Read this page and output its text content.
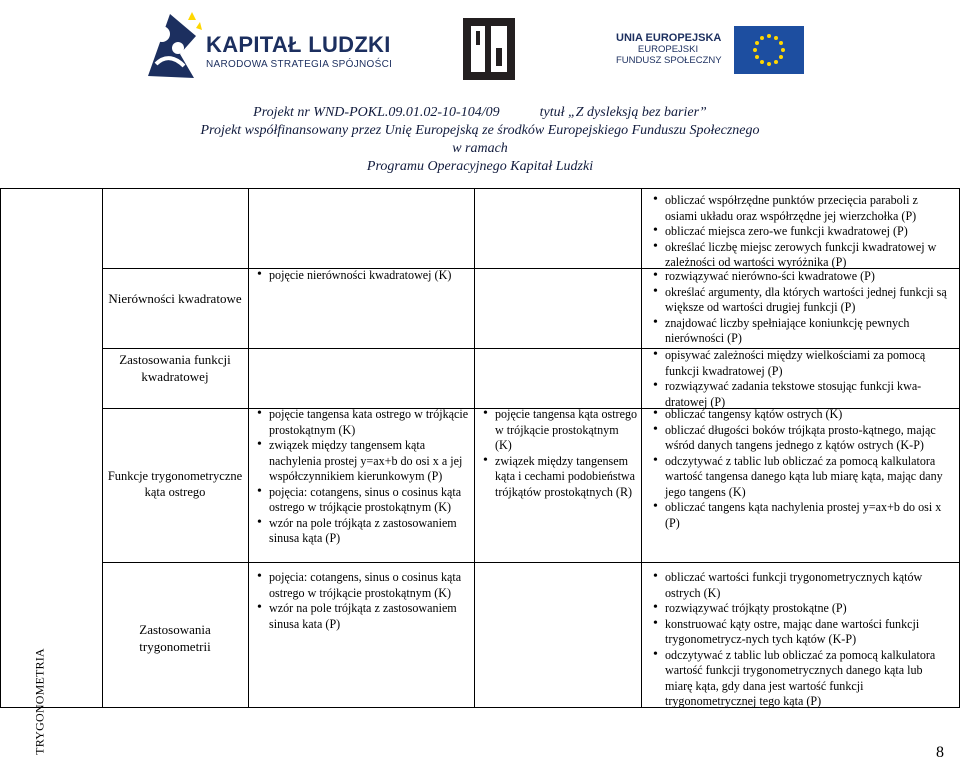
KAPITAŁ LUDZKI
NARODOWA STRATEGIA SPÓJNOŚCI
UNIA EUROPEJSKA
EUROPEJSKI
FUNDUSZ SPOŁECZNY
Projekt nr WND-POKL.09.01.02-10-104/09	tytuł „Z dysleksją bez barier”
Projekt współfinansowany przez Unię Europejską ze środków Europejskiego Funduszu Społecznego
w ramach
Programu Operacyjnego Kapitał Ludzki
TRYGONOMETRIA
• obliczać współrzędne punktów przecięcia paraboli z osiami układu oraz współrzędne jej wierzchołka (P)
• obliczać miejsca zero-we funkcji kwadratowej (P)
• określać liczbę miejsc zerowych funkcji kwadratowej w zależności od wartości wyróżnika (P)
Nierówności kwadratowe
• pojęcie nierówności kwadratowej (K)
•	rozwiązywać nierówno-ści kwadratowe (P)
• określać argumenty, dla których wartości jednej funkcji są większe od wartości drugiej funkcji (P)
• znajdować liczby spełniające koniunkcję pewnych nierówności (P)
Zastosowania funkcji kwadratowej
• opisywać zależności między wielkościami za pomocą funkcji kwadratowej (P)
• rozwiązywać zadania tekstowe stosując funkcji kwa-dratowej (P)
Funkcje trygonometryczne kąta ostrego
• pojęcie tangensa kata ostrego w trójkącie prostokątnym (K)
• związek między tangensem kąta nachylenia prostej y=ax+b do osi x a jej współczynnikiem kierunkowym (P)
• pojęcia: cotangens, sinus o cosinus kąta ostrego w trójkącie prostokątnym (K)
• wzór na pole trójkąta z zastosowaniem sinusa kąta (P)
• pojęcie tangensa kąta ostrego w trójkącie prostokątnym (K)
• związek między tangensem kąta i cechami podobieństwa trójkątów prostokątnych (R)
• obliczać tangensy kątów ostrych (K)
• obliczać długości boków trójkąta prosto-kątnego, mając wśród danych tangens jednego z kątów ostrych (K-P)
• odczytywać z tablic lub obliczać za pomocą kalkulatora wartość tangensa danego kąta lub miarę kąta, mając dany jego tangens (K)
• obliczać tangens kąta nachylenia prostej y=ax+b do osi x (P)
Zastosowania trygonometrii
• pojęcia: cotangens, sinus o cosinus kąta ostrego w trójkącie prostokątnym (K)
• wzór na pole trójkąta z zastosowaniem sinusa kata (P)
• obliczać wartości funkcji trygonometrycznych kątów ostrych (K)
• rozwiązywać trójkąty prostokątne (P)
• konstruować kąty ostre, mając dane wartości funkcji trygonometrycz-nych tych kątów (K-P)
• odczytywać z tablic lub obliczać za pomocą kalkulatora wartość funkcji trygonometrycznych danego kąta lub miarę kąta, gdy dana jest wartość funkcji trygonometrycznej tego kąta (P)
8
